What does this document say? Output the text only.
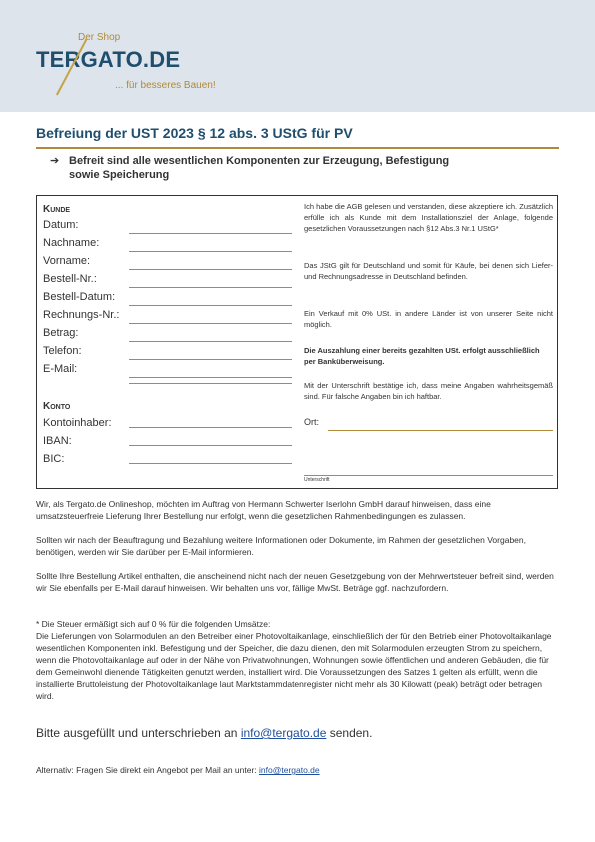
Der Shop
TERGATO.DE
... für besseres Bauen!
Befreiung der UST 2023 § 12 abs. 3 UStG für PV
➔ Befreit sind alle wesentlichen Komponenten zur Erzeugung, Befestigung sowie Speicherung
Kunde
Datum:
Nachname:
Vorname:
Bestell-Nr.:
Bestell-Datum:
Rechnungs-Nr.:
Betrag:
Telefon:
E-Mail:
Konto
Kontoinhaber:
IBAN:
BIC:
Ich habe die AGB gelesen und verstanden, diese akzeptiere ich. Zusätzlich erfülle ich als Kunde mit dem Installationsziel der Anlage, folgende gesetzlichen Voraussetzungen nach §12 Abs.3 Nr.1 UStG*
Das JStG gilt für Deutschland und somit für Käufe, bei denen sich Liefer- und Rechnungsadresse in Deutschland befinden.
Ein Verkauf mit 0% USt. in andere Länder ist von unserer Seite nicht möglich.
Die Auszahlung einer bereits gezahlten USt. erfolgt ausschließlich per Banküberweisung.
Mit der Unterschrift bestätige ich, dass meine Angaben wahrheitsgemäß sind. Für falsche Angaben bin ich haftbar.
Ort:
Unterschrift
Wir, als Tergato.de Onlineshop, möchten im Auftrag von Hermann Schwerter Iserlohn GmbH darauf hinweisen, dass eine umsatzsteuerfreie Lieferung Ihrer Bestellung nur erfolgt, wenn die gesetzlichen Rahmenbedingungen es zulassen.
Sollten wir nach der Beauftragung und Bezahlung weitere Informationen oder Dokumente, im Rahmen der gesetzlichen Vorgaben, benötigen, werden wir Sie darüber per E-Mail informieren.
Sollte Ihre Bestellung Artikel enthalten, die anscheinend nicht nach der neuen Gesetzgebung von der Mehrwertsteuer befreit sind, werden wir Sie ebenfalls per E-Mail darauf hinweisen. Wir behalten uns vor, fällige MwSt. Beträge ggf. nachzufordern.
* Die Steuer ermäßigt sich auf 0 % für die folgenden Umsätze:
Die Lieferungen von Solarmodulen an den Betreiber einer Photovoltaikanlage, einschließlich der für den Betrieb einer Photovoltaikanlage wesentlichen Komponenten inkl. Befestigung und der Speicher, die dazu dienen, den mit Solarmodulen erzeugten Strom zu speichern, wenn die Photovoltaikanlage auf oder in der Nähe von Privatwohnungen, Wohnungen sowie öffentlichen und anderen Gebäuden, die für dem Gemeinwohl dienende Tätigkeiten genutzt werden, installiert wird. Die Voraussetzungen des Satzes 1 gelten als erfüllt, wenn die installierte Bruttoleistung der Photovoltaikanlage laut Marktstammdatenregister nicht mehr als 30 Kilowatt (peak) beträgt oder betragen wird.
Bitte ausgefüllt und unterschrieben an info@tergato.de senden.
Alternativ: Fragen Sie direkt ein Angebot per Mail an unter: info@tergato.de
